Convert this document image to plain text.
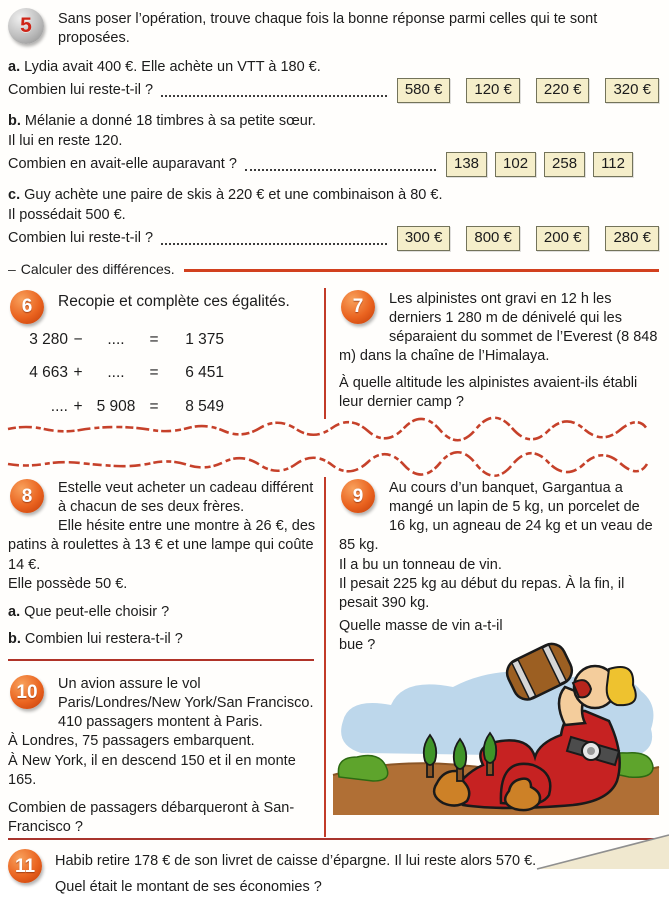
5	Sans poser l’opération, trouve chaque fois la bonne réponse parmi celles qui te sont proposées.

a. Lydia avait 400 €. Elle achète un VTT à 180 €.

Combien lui reste-t-il ?	580 €	120 €	220 €	320 €

b. Mélanie a donné 18 timbres à sa petite sœur.

Il lui en reste 120.

Combien en avait-elle auparavant ?	138	102	258	112

c. Guy achète une paire de skis à 220 € et une combinaison à 80 €.

Il possédait 500 €.

Combien lui reste-t-il ?	300 €	800 €	200 €	280 €
– Calculer des différences.
6	Recopie et complète ces égalités.

3 280 −	....	=	1 375
4 663 +	....	=	6 451
.... + 5 908 =	8 549
7	Les alpinistes ont gravi en 12 h les derniers 1 280 m de dénivelé qui les séparaient du sommet de l’Everest (8 848 m) dans la chaîne de l’Himalaya.

À quelle altitude les alpinistes avaient-ils établi leur dernier camp ?

8	Estelle veut acheter un cadeau différent à chacun de ses deux frères.

Elle hésite entre une montre à 26 €, des patins à roulettes à 13 € et une lampe qui coûte 14 €.

Elle possède 50 €.

a. Que peut-elle choisir ?

b. Combien lui restera-t-il ?

10	Un avion assure le vol Paris/Londres/New York/San Francisco. 410 passagers montent à Paris.

À Londres, 75 passagers embarquent.

À New York, il en descend 150 et il en monte 165.

Combien de passagers débarqueront à San-Francisco ?

9	Au cours d’un banquet, Gargantua a mangé un lapin de 5 kg, un porcelet de 16 kg, un agneau de 24 kg et un veau de 85 kg.

Il a bu un tonneau de vin.

Il pesait 225 kg au début du repas. À la fin, il pesait 390 kg.

Quelle masse de vin a-t-il bue ?

11	Habib retire 178 € de son livret de caisse d’épargne. Il lui reste alors 570 €.

Quel était le montant de ses économies ?
